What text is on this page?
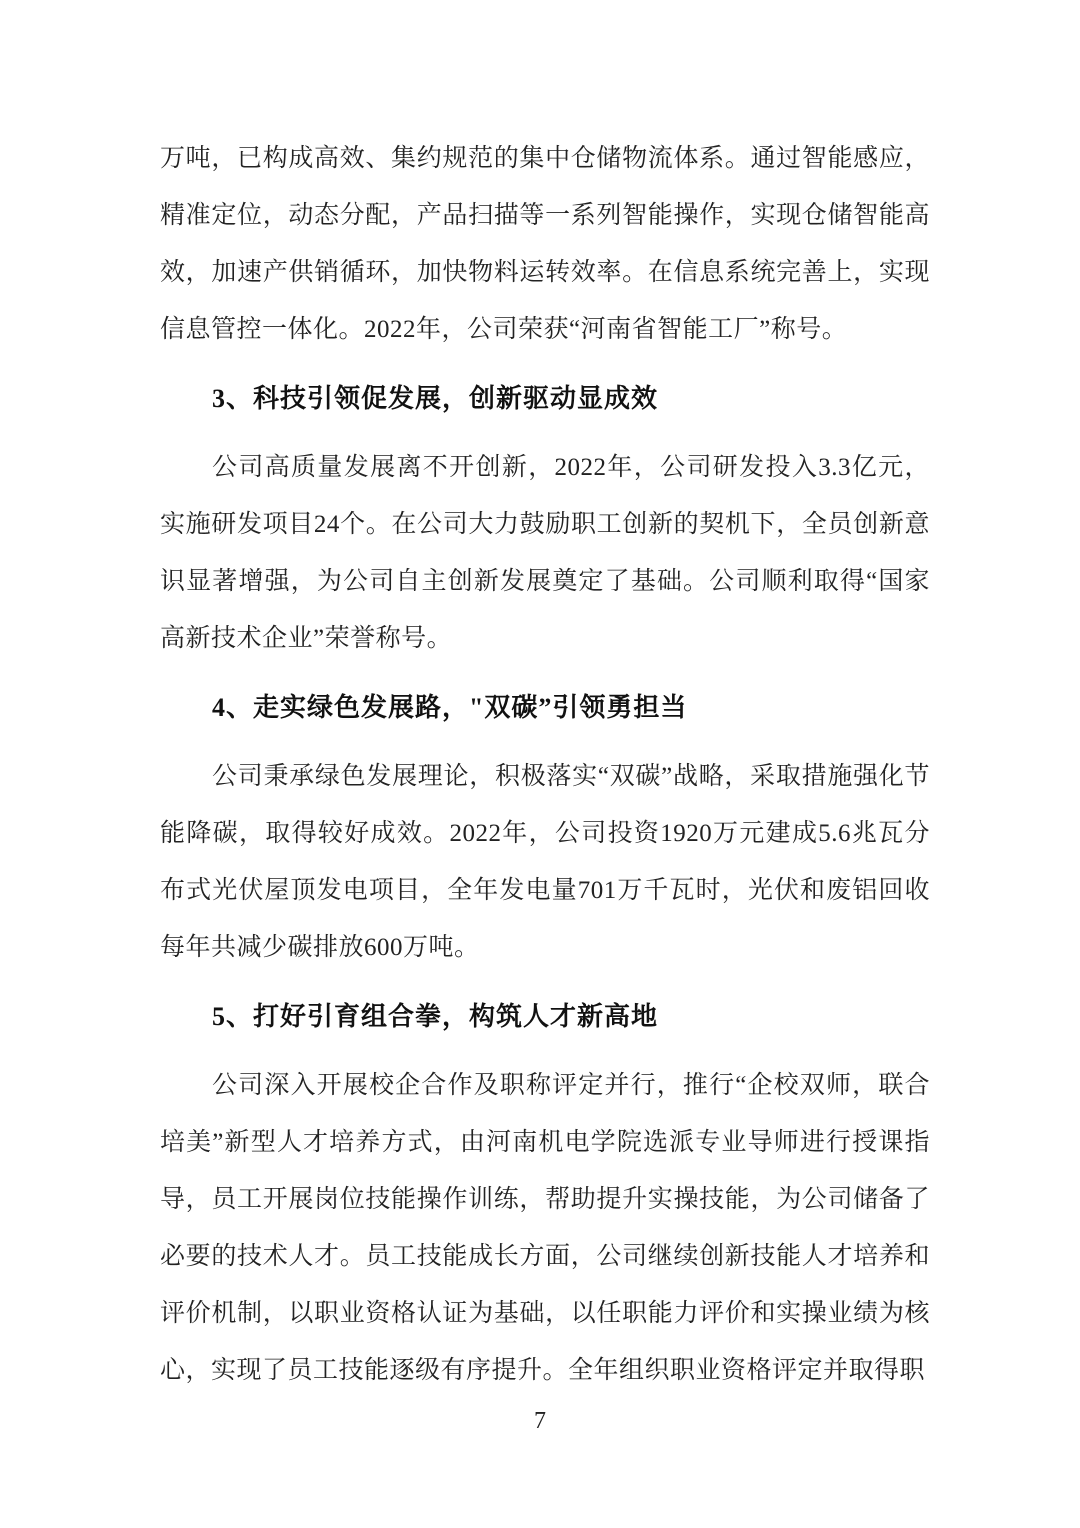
万吨，已构成高效、集约规范的集中仓储物流体系。通过智能感应，精准定位，动态分配，产品扫描等一系列智能操作，实现仓储智能高效，加速产供销循环，加快物料运转效率。在信息系统完善上，实现信息管控一体化。2022年，公司荣获“河南省智能工厂”称号。

3、科技引领促发展，创新驱动显成效

公司高质量发展离不开创新，2022年，公司研发投入3.3亿元，实施研发项目24个。在公司大力鼓励职工创新的契机下，全员创新意识显著增强，为公司自主创新发展奠定了基础。公司顺利取得“国家高新技术企业”荣誉称号。

4、走实绿色发展路，"双碳”引领勇担当

公司秉承绿色发展理论，积极落实“双碳”战略，采取措施强化节能降碳，取得较好成效。2022年，公司投资1920万元建成5.6兆瓦分布式光伏屋顶发电项目，全年发电量701万千瓦时，光伏和废铝回收每年共减少碳排放600万吨。

5、打好引育组合拳，构筑人才新高地

公司深入开展校企合作及职称评定并行，推行“企校双师，联合培美”新型人才培养方式，由河南机电学院选派专业导师进行授课指导，员工开展岗位技能操作训练，帮助提升实操技能，为公司储备了必要的技术人才。员工技能成长方面，公司继续创新技能人才培养和评价机制，以职业资格认证为基础，以任职能力评价和实操业绩为核心，实现了员工技能逐级有序提升。全年组织职业资格评定并取得职

7
